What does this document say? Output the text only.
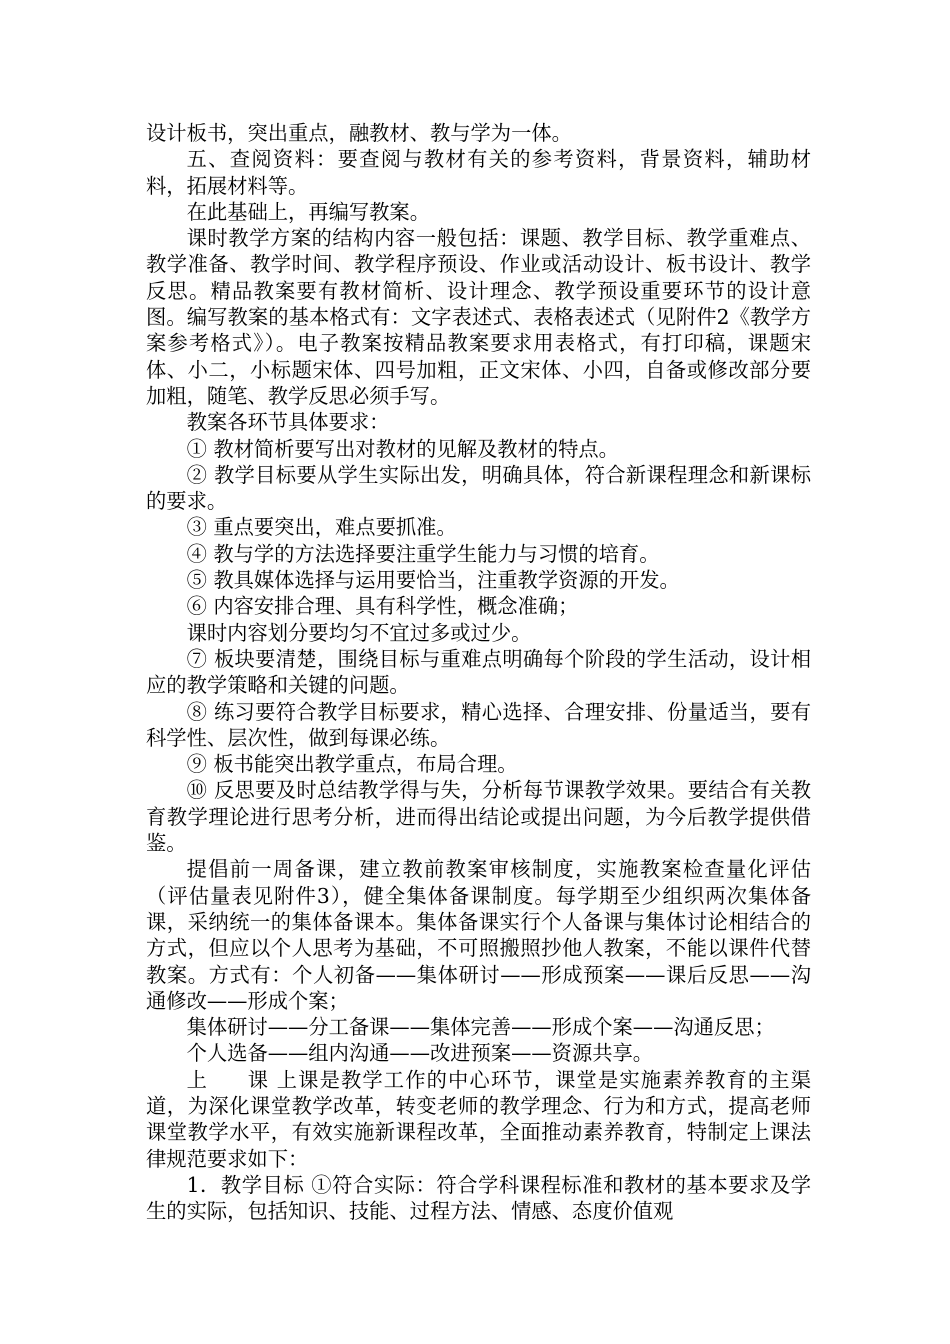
设计板书，突出重点，融教材、教与学为一体。

五、查阅资料：要查阅与教材有关的参考资料，背景资料，辅助材料，拓展材料等。

在此基础上，再编写教案。

课时教学方案的结构内容一般包括：课题、教学目标、教学重难点、教学准备、教学时间、教学程序预设、作业或活动设计、板书设计、教学反思。精品教案要有教材简析、设计理念、教学预设重要环节的设计意图。编写教案的基本格式有：文字表述式、表格表述式（见附件2《教学方案参考格式》）。电子教案按精品教案要求用表格式，有打印稿，课题宋体、小二，小标题宋体、四号加粗，正文宋体、小四，自备或修改部分要加粗，随笔、教学反思必须手写。

教案各环节具体要求：

① 教材简析要写出对教材的见解及教材的特点。

② 教学目标要从学生实际出发，明确具体，符合新课程理念和新课标的要求。

③ 重点要突出，难点要抓准。

④ 教与学的方法选择要注重学生能力与习惯的培育。

⑤ 教具媒体选择与运用要恰当，注重教学资源的开发。

⑥ 内容安排合理、具有科学性，概念准确；

课时内容划分要均匀不宜过多或过少。

⑦ 板块要清楚，围绕目标与重难点明确每个阶段的学生活动，设计相应的教学策略和关键的问题。

⑧ 练习要符合教学目标要求，精心选择、合理安排、份量适当，要有科学性、层次性，做到每课必练。

⑨ 板书能突出教学重点，布局合理。

⑩ 反思要及时总结教学得与失，分析每节课教学效果。要结合有关教育教学理论进行思考分析，进而得出结论或提出问题，为今后教学提供借鉴。

提倡前一周备课，建立教前教案审核制度，实施教案检查量化评估（评估量表见附件3），健全集体备课制度。每学期至少组织两次集体备课，采纳统一的集体备课本。集体备课实行个人备课与集体讨论相结合的方式，但应以个人思考为基础，不可照搬照抄他人教案，不能以课件代替教案。方式有：个人初备——集体研讨——形成预案——课后反思——沟通修改——形成个案；

集体研讨——分工备课——集体完善——形成个案——沟通反思；

个人选备——组内沟通——改进预案——资源共享。

上 课 上课是教学工作的中心环节，课堂是实施素养教育的主渠道，为深化课堂教学改革，转变老师的教学理念、行为和方式，提高老师课堂教学水平，有效实施新课程改革，全面推动素养教育，特制定上课法律规范要求如下：

1．教学目标 ①符合实际：符合学科课程标准和教材的基本要求及学生的实际，包括知识、技能、过程方法、情感、态度价值观
